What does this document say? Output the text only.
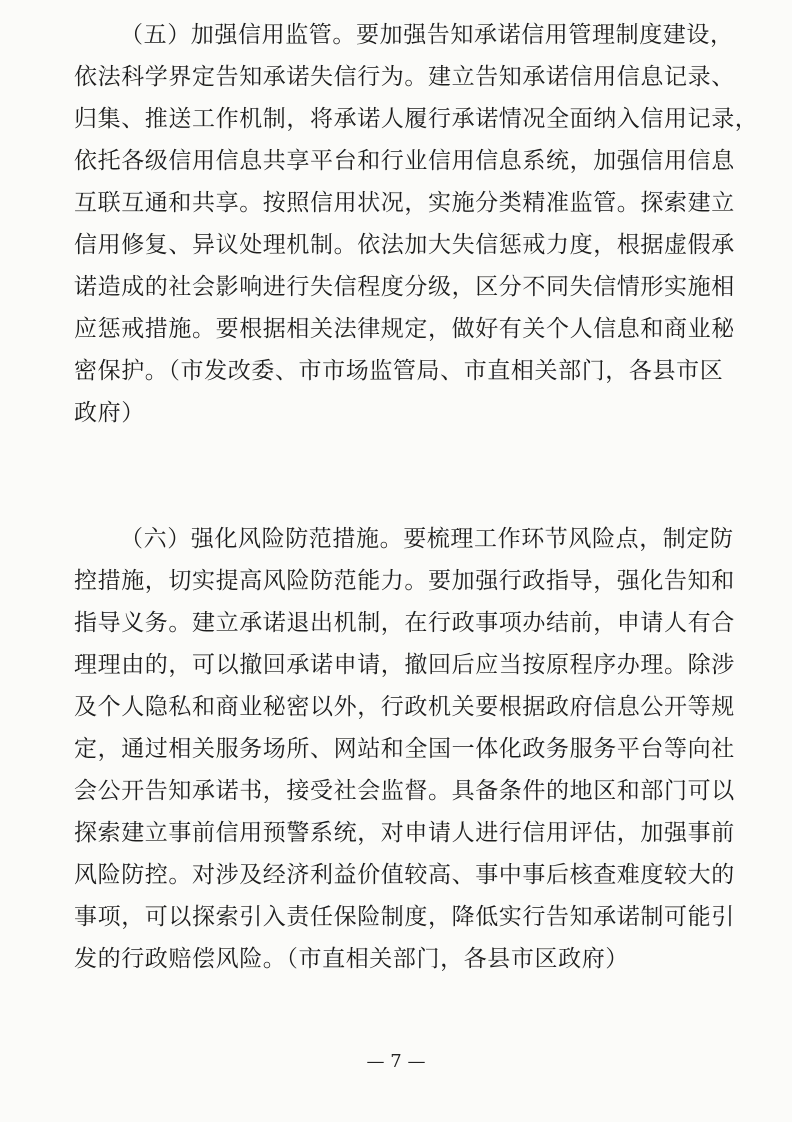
（五）加强信用监管。要加强告知承诺信用管理制度建设，
依法科学界定告知承诺失信行为。建立告知承诺信用信息记录、
归集、推送工作机制，将承诺人履行承诺情况全面纳入信用记录，
依托各级信用信息共享平台和行业信用信息系统，加强信用信息
互联互通和共享。按照信用状况，实施分类精准监管。探索建立
信用修复、异议处理机制。依法加大失信惩戒力度，根据虚假承
诺造成的社会影响进行失信程度分级，区分不同失信情形实施相
应惩戒措施。要根据相关法律规定，做好有关个人信息和商业秘
密保护。（市发改委、市市场监管局、市直相关部门，各县市区
政府）
（六）强化风险防范措施。要梳理工作环节风险点，制定防
控措施，切实提高风险防范能力。要加强行政指导，强化告知和
指导义务。建立承诺退出机制，在行政事项办结前，申请人有合
理理由的，可以撤回承诺申请，撤回后应当按原程序办理。除涉
及个人隐私和商业秘密以外，行政机关要根据政府信息公开等规
定，通过相关服务场所、网站和全国一体化政务服务平台等向社
会公开告知承诺书，接受社会监督。具备条件的地区和部门可以
探索建立事前信用预警系统，对申请人进行信用评估，加强事前
风险防控。对涉及经济利益价值较高、事中事后核查难度较大的
事项，可以探索引入责任保险制度，降低实行告知承诺制可能引
发的行政赔偿风险。（市直相关部门，各县市区政府）
— 7 —
